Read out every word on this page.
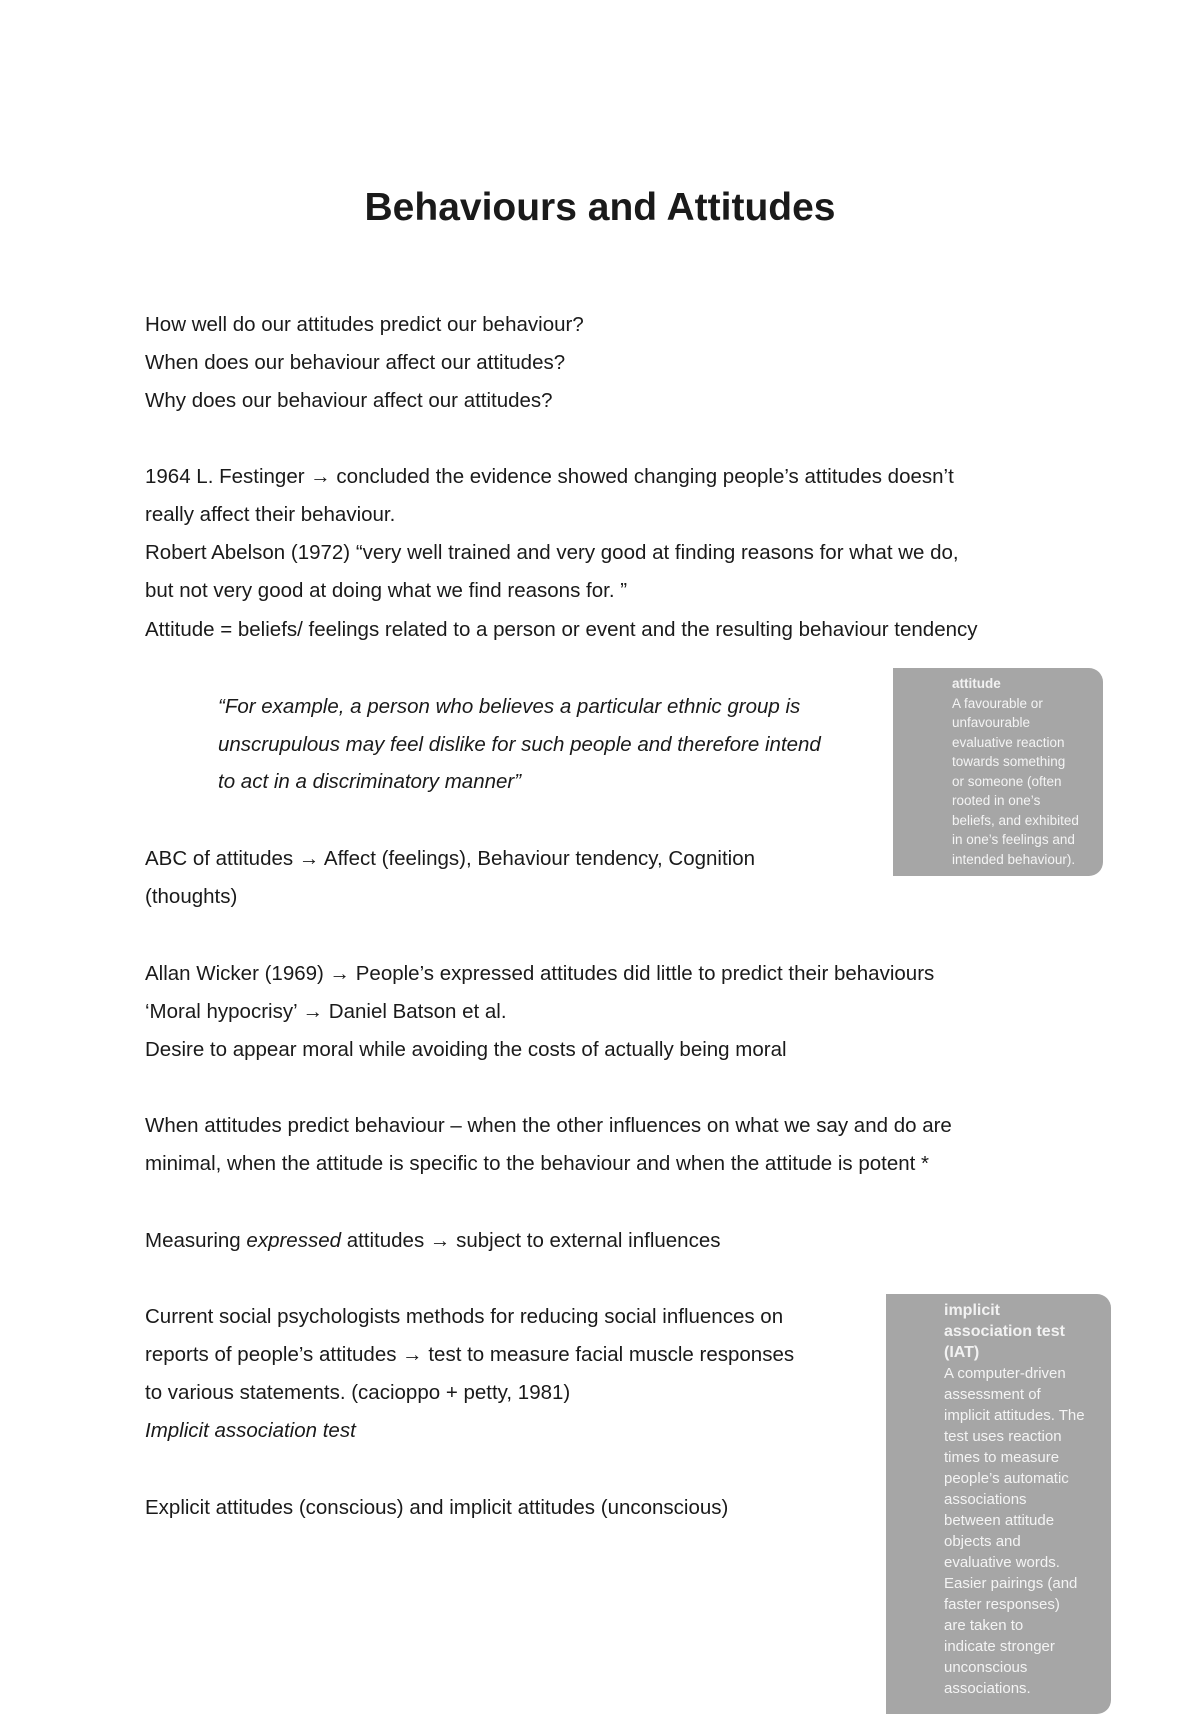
Behaviours and Attitudes
How well do our attitudes predict our behaviour?
When does our behaviour affect our attitudes?
Why does our behaviour affect our attitudes?
1964 L. Festinger → concluded the evidence showed changing people’s attitudes doesn’t
really affect their behaviour.
Robert Abelson (1972) “very well trained and very good at finding reasons for what we do,
but not very good at doing what we find reasons for. ”
Attitude = beliefs/ feelings related to a person or event and the resulting behaviour tendency
“For example, a person who believes a particular ethnic group is
unscrupulous may feel dislike for such people and therefore intend
to act in a discriminatory manner”
ABC of attitudes → Affect (feelings), Behaviour tendency, Cognition
(thoughts)
Allan Wicker (1969) → People’s expressed attitudes did little to predict their behaviours
‘Moral hypocrisy’ → Daniel Batson et al.
Desire to appear moral while avoiding the costs of actually being moral
When attitudes predict behaviour – when the other influences on what we say and do are
minimal, when the attitude is specific to the behaviour and when the attitude is potent *
Measuring expressed attitudes → subject to external influences
Current social psychologists methods for reducing social influences on
reports of people’s attitudes → test to measure facial muscle responses
to various statements. (cacioppo + petty, 1981)
Implicit association test
Explicit attitudes (conscious) and implicit attitudes (unconscious)
attitude
A favourable or
unfavourable
evaluative reaction
towards something
or someone (often
rooted in one’s
beliefs, and exhibited
in one’s feelings and
intended behaviour).
implicit
association test
(IAT)
A computer-driven
assessment of
implicit attitudes. The
test uses reaction
times to measure
people’s automatic
associations
between attitude
objects and
evaluative words.
Easier pairings (and
faster responses)
are taken to
indicate stronger
unconscious
associations.
